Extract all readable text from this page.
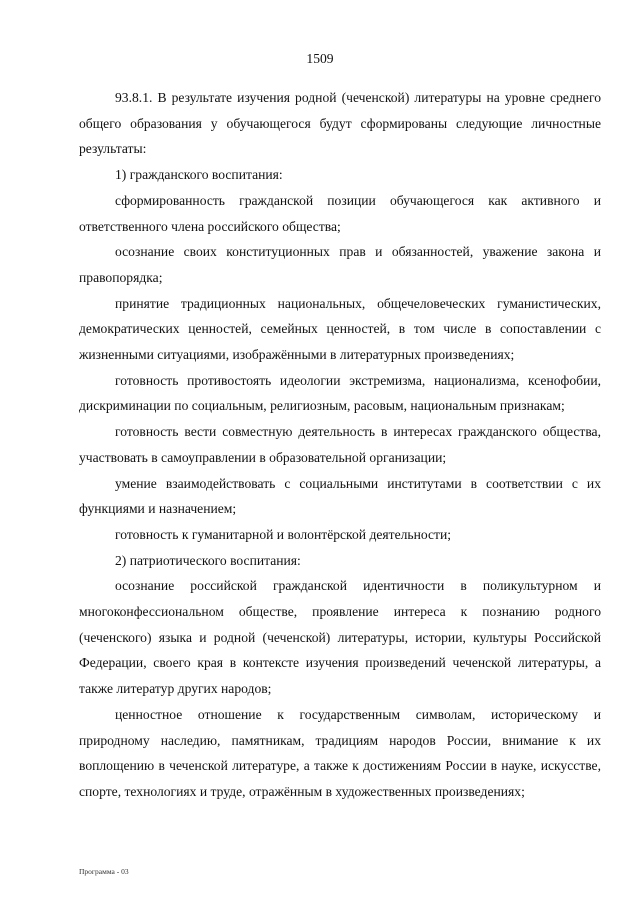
1509

93.8.1. В результате изучения родной (чеченской) литературы на уровне среднего общего образования у обучающегося будут сформированы следующие личностные результаты:

1) гражданского воспитания:

сформированность гражданской позиции обучающегося как активного и ответственного члена российского общества;

осознание своих конституционных прав и обязанностей, уважение закона и правопорядка;

принятие традиционных национальных, общечеловеческих гуманистических, демократических ценностей, семейных ценностей, в том числе в сопоставлении с жизненными ситуациями, изображёнными в литературных произведениях;

готовность противостоять идеологии экстремизма, национализма, ксенофобии, дискриминации по социальным, религиозным, расовым, национальным признакам;

готовность вести совместную деятельность в интересах гражданского общества, участвовать в самоуправлении в образовательной организации;

умение взаимодействовать с социальными институтами в соответствии с их функциями и назначением;

готовность к гуманитарной и волонтёрской деятельности;

2) патриотического воспитания:

осознание российской гражданской идентичности в поликультурном и многоконфессиональном обществе, проявление интереса к познанию родного (чеченского) языка и родной (чеченской) литературы, истории, культуры Российской Федерации, своего края в контексте изучения произведений чеченской литературы, а также литератур других народов;

ценностное отношение к государственным символам, историческому и природному наследию, памятникам, традициям народов России, внимание к их воплощению в чеченской литературе, а также к достижениям России в науке, искусстве, спорте, технологиях и труде, отражённым в художественных произведениях;

Программа - 03
